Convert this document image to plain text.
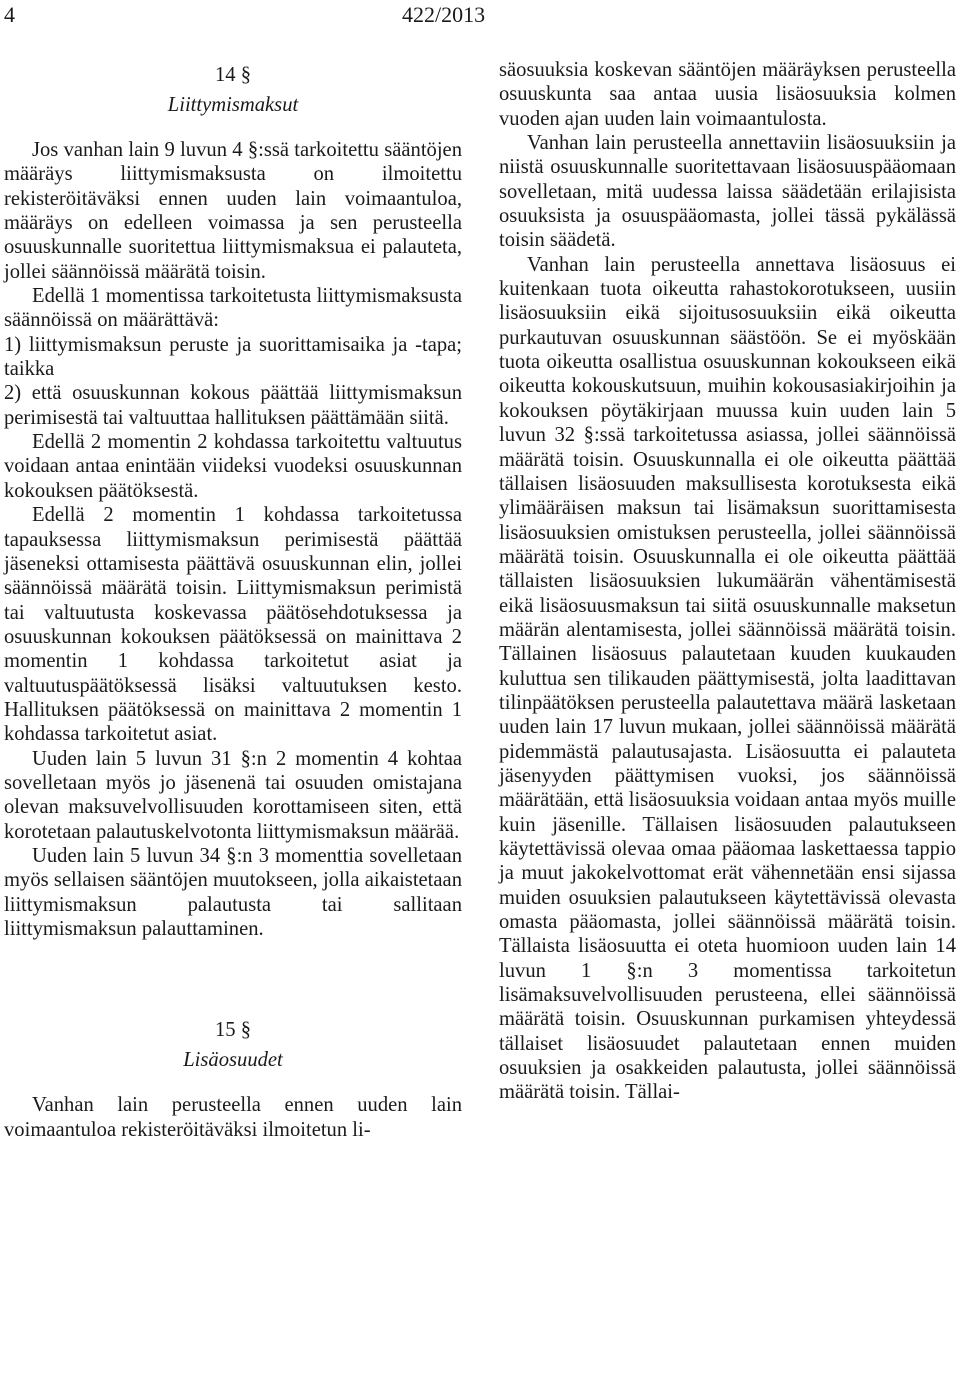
4	422/2013
14 §
Liittymismaksut

Jos vanhan lain 9 luvun 4 §:ssä tarkoitettu sääntöjen määräys liittymismaksusta on ilmoitettu rekisteröitäväksi ennen uuden lain voimaantuloa, määräys on edelleen voimassa ja sen perusteella osuuskunnalle suoritettua liittymismaksua ei palauteta, jollei säännöissä määrätä toisin.

Edellä 1 momentissa tarkoitetusta liittymismaksusta säännöissä on määrättävä:

1) liittymismaksun peruste ja suorittamisaika ja -tapa; taikka

2) että osuuskunnan kokous päättää liittymismaksun perimisestä tai valtuuttaa hallituksen päättämään siitä.

Edellä 2 momentin 2 kohdassa tarkoitettu valtuutus voidaan antaa enintään viideksi vuodeksi osuuskunnan kokouksen päätöksestä.

Edellä 2 momentin 1 kohdassa tarkoitetussa tapauksessa liittymismaksun perimisestä päättää jäseneksi ottamisesta päättävä osuuskunnan elin, jollei säännöissä määrätä toisin. Liittymismaksun perimistä tai valtuutusta koskevassa päätösehdotuksessa ja osuuskunnan kokouksen päätöksessä on mainittava 2 momentin 1 kohdassa tarkoitetut asiat ja valtuutuspäätöksessä lisäksi valtuutuksen kesto. Hallituksen päätöksessä on mainittava 2 momentin 1 kohdassa tarkoitetut asiat.

Uuden lain 5 luvun 31 §:n 2 momentin 4 kohtaa sovelletaan myös jo jäsenenä tai osuuden omistajana olevan maksuvelvollisuuden korottamiseen siten, että korotetaan palautuskelvotonta liittymismaksun määrää.

Uuden lain 5 luvun 34 §:n 3 momenttia sovelletaan myös sellaisen sääntöjen muutokseen, jolla aikaistetaan liittymismaksun palautusta tai sallitaan liittymismaksun palauttaminen.

15 §
Lisäosuudet

Vanhan lain perusteella ennen uuden lain voimaantuloa rekisteröitäväksi ilmoitetun li-

säosuuksia koskevan sääntöjen määräyksen perusteella osuuskunta saa antaa uusia lisäosuuksia kolmen vuoden ajan uuden lain voimaantulosta.

Vanhan lain perusteella annettaviin lisäosuuksiin ja niistä osuuskunnalle suoritettavaan lisäosuuspääomaan sovelletaan, mitä uudessa laissa säädetään erilajisista osuuksista ja osuuspääomasta, jollei tässä pykälässä toisin säädetä.

Vanhan lain perusteella annettava lisäosuus ei kuitenkaan tuota oikeutta rahastokorotukseen, uusiin lisäosuuksiin eikä sijoitusosuuksiin eikä oikeutta purkautuvan osuuskunnan säästöön. Se ei myöskään tuota oikeutta osallistua osuuskunnan kokoukseen eikä oikeutta kokouskutsuun, muihin kokousasiakirjoihin ja kokouksen pöytäkirjaan muussa kuin uuden lain 5 luvun 32 §:ssä tarkoitetussa asiassa, jollei säännöissä määrätä toisin. Osuuskunnalla ei ole oikeutta päättää tällaisen lisäosuuden maksullisesta korotuksesta eikä ylimääräisen maksun tai lisämaksun suorittamisesta lisäosuuksien omistuksen perusteella, jollei säännöissä määrätä toisin. Osuuskunnalla ei ole oikeutta päättää tällaisten lisäosuuksien lukumäärän vähentämisestä eikä lisäosuusmaksun tai siitä osuuskunnalle maksetun määrän alentamisesta, jollei säännöissä määrätä toisin. Tällainen lisäosuus palautetaan kuuden kuukauden kuluttua sen tilikauden päättymisestä, jolta laadittavan tilinpäätöksen perusteella palautettava määrä lasketaan uuden lain 17 luvun mukaan, jollei säännöissä määrätä pidemmästä palautusajasta. Lisäosuutta ei palauteta jäsenyyden päättymisen vuoksi, jos säännöissä määrätään, että lisäosuuksia voidaan antaa myös muille kuin jäsenille. Tällaisen lisäosuuden palautukseen käytettävissä olevaa omaa pääomaa laskettaessa tappio ja muut jakokelvottomat erät vähennetään ensi sijassa muiden osuuksien palautukseen käytettävissä olevasta omasta pääomasta, jollei säännöissä määrätä toisin. Tällaista lisäosuutta ei oteta huomioon uuden lain 14 luvun 1 §:n 3 momentissa tarkoitetun lisämaksuvelvollisuuden perusteena, ellei säännöissä määrätä toisin. Osuuskunnan purkamisen yhteydessä tällaiset lisäosuudet palautetaan ennen muiden osuuksien ja osakkeiden palautusta, jollei säännöissä määrätä toisin. Tällai-
